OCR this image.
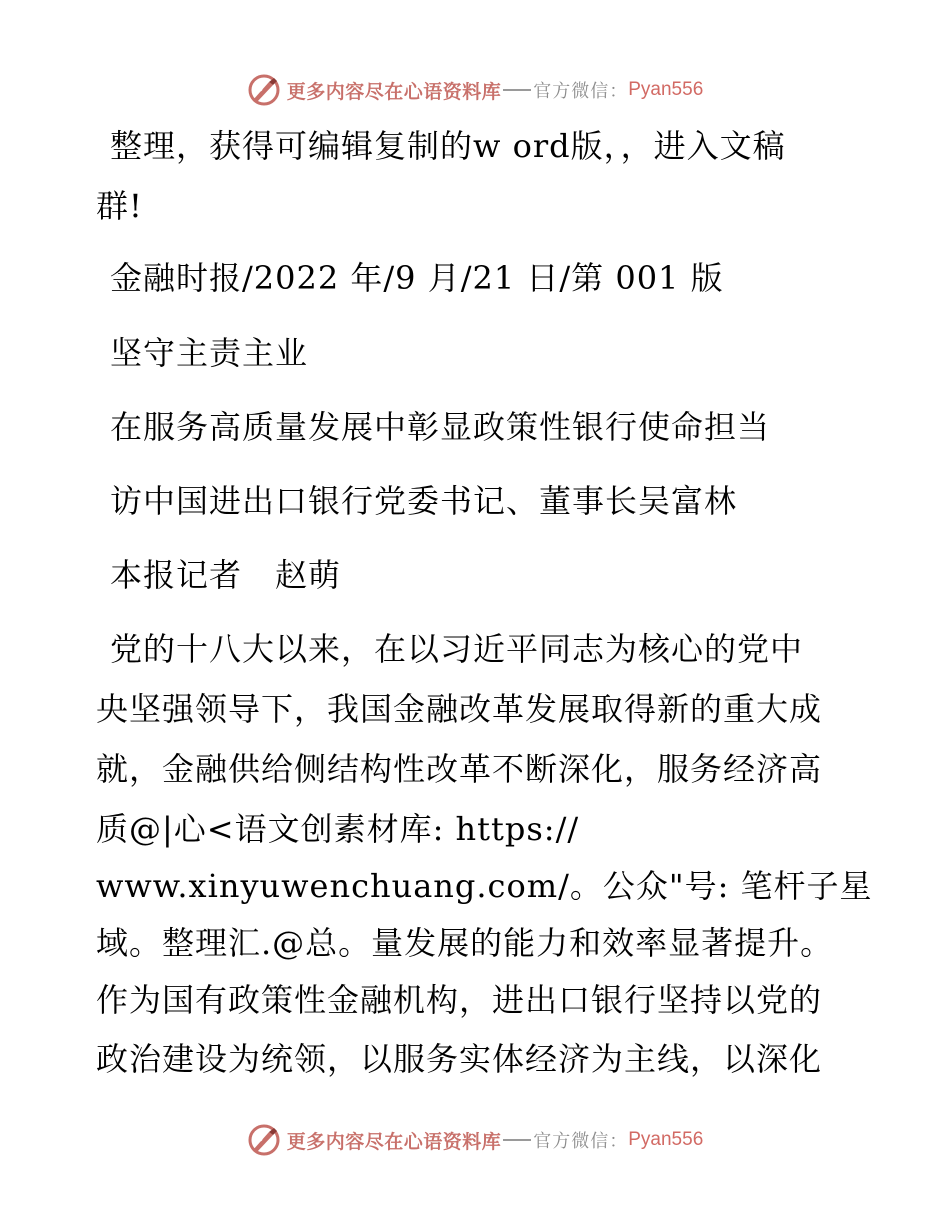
更多内容尽在心语资料库 官方微信： Pyan556
整理，获得可编辑复制的w ord版，，进入文稿
群!
金融时报/2022 年/9 月/21 日/第 001 版
坚守主责主业
在服务高质量发展中彰显政策性银行使命担当
访中国进出口银行党委书记、董事长吴富林
本报记者　赵萌
党的十八大以来，在以习近平同志为核心的党中
央坚强领导下，我国金融改革发展取得新的重大成
就，金融供给侧结构性改革不断深化，服务经济高
质@|心<语文创素材库: https://
www.xinyuwenchuang.com/。公众"号: 笔杆子星
域。整理汇.@总。量发展的能力和效率显著提升。
作为国有政策性金融机构，进出口银行坚持以党的
政治建设为统领，以服务实体经济为主线，以深化
更多内容尽在心语资料库 官方微信： Pyan556
